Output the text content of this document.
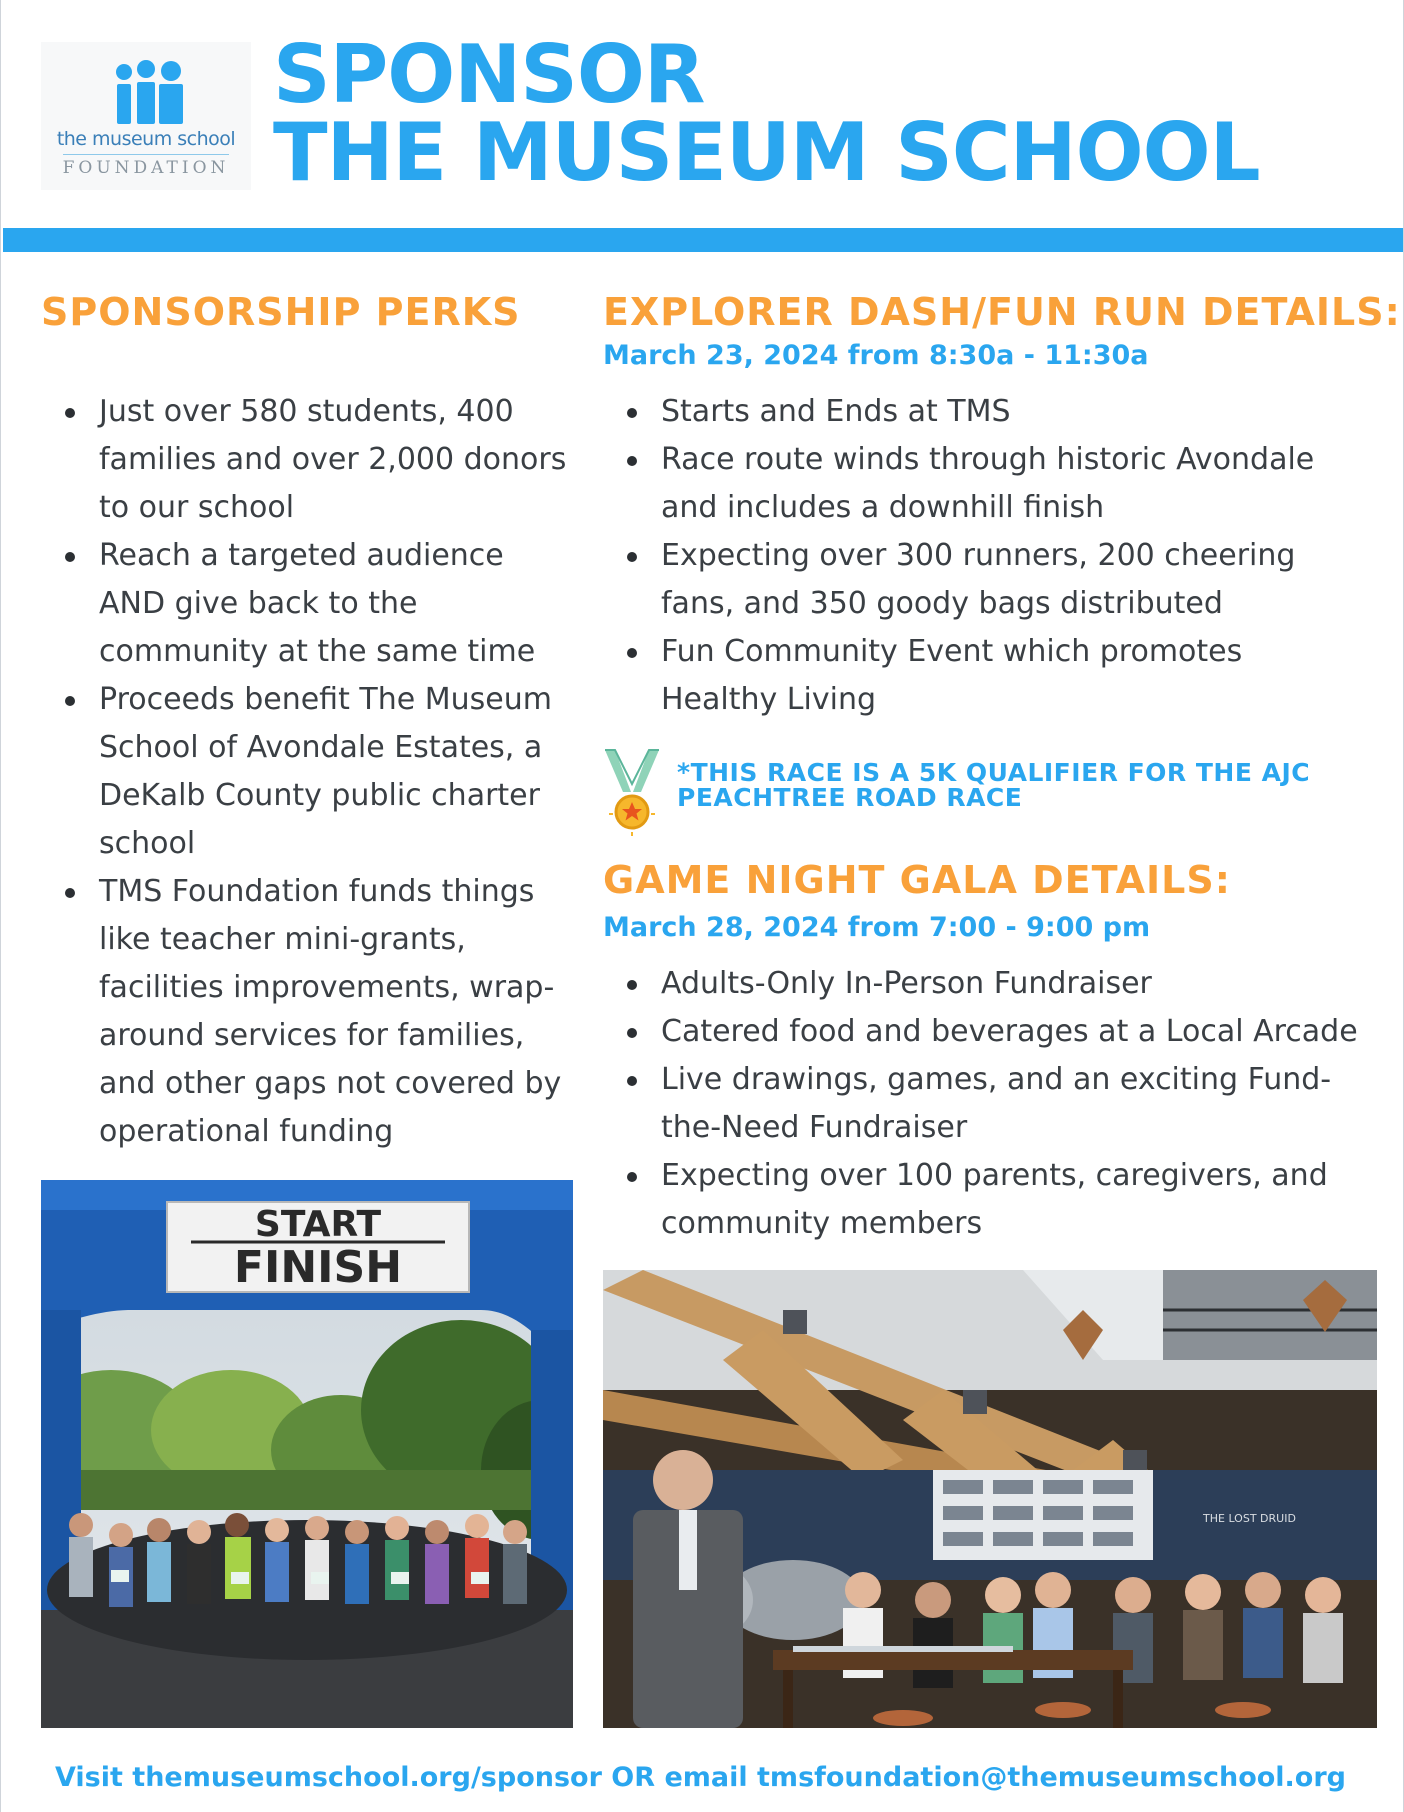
the museum school
FOUNDATION
SPONSOR
THE MUSEUM SCHOOL
SPONSORSHIP PERKS
Just over 580 students, 400 families and over 2,000 donors to our school
Reach a targeted audience AND give back to the community at the same time
Proceeds benefit The Museum School of Avondale Estates, a DeKalb County public charter school
TMS Foundation funds things like teacher mini-grants, facilities improvements, wrap-around services for families, and other gaps not covered by operational funding
EXPLORER DASH/FUN RUN DETAILS:
March 23, 2024 from 8:30a - 11:30a
Starts and Ends at TMS
Race route winds through historic Avondale and includes a downhill finish
Expecting over 300 runners, 200 cheering fans, and 350 goody bags distributed
Fun Community Event which promotes Healthy Living
*THIS RACE IS A 5K QUALIFIER FOR THE AJC
PEACHTREE ROAD RACE
GAME NIGHT GALA DETAILS:
March 28, 2024 from 7:00 - 9:00 pm
Adults-Only In-Person Fundraiser
Catered food and beverages at a Local Arcade
Live drawings, games, and an exciting Fund-the-Need Fundraiser
Expecting over 100 parents, caregivers, and community members
START
FINISH
THE LOST DRUID
Visit themuseumschool.org/sponsor OR email tmsfoundation@themuseumschool.org
